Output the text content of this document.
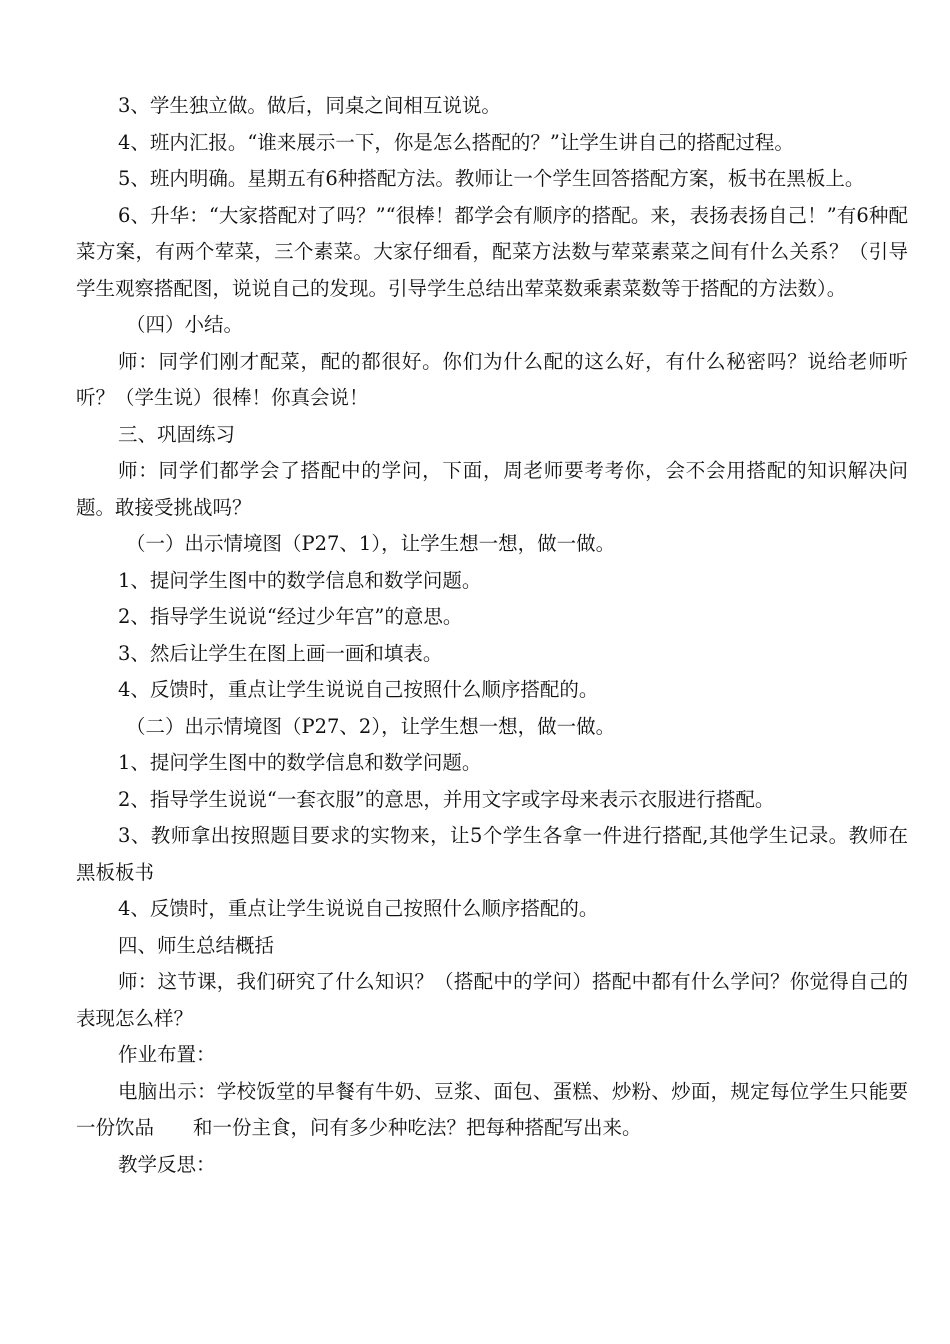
3、学生独立做。做后，同桌之间相互说说。

4、班内汇报。“谁来展示一下，你是怎么搭配的？”让学生讲自己的搭配过程。

5、班内明确。星期五有6种搭配方法。教师让一个学生回答搭配方案，板书在黑板上。

6、升华：“大家搭配对了吗？”“很棒！都学会有顺序的搭配。来，表扬表扬自己！”有6种配菜方案，有两个荤菜，三个素菜。大家仔细看，配菜方法数与荤菜素菜之间有什么关系？（引导学生观察搭配图，说说自己的发现。引导学生总结出荤菜数乘素菜数等于搭配的方法数）。

（四）小结。

师：同学们刚才配菜，配的都很好。你们为什么配的这么好，有什么秘密吗？说给老师听听？（学生说）很棒！你真会说！

三、巩固练习

师：同学们都学会了搭配中的学问，下面，周老师要考考你，会不会用搭配的知识解决问题。敢接受挑战吗？

（一）出示情境图（P27、1），让学生想一想，做一做。

1、提问学生图中的数学信息和数学问题。

2、指导学生说说“经过少年宫”的意思。

3、然后让学生在图上画一画和填表。

4、反馈时，重点让学生说说自己按照什么顺序搭配的。

（二）出示情境图（P27、2），让学生想一想，做一做。

1、提问学生图中的数学信息和数学问题。

2、指导学生说说“一套衣服”的意思，并用文字或字母来表示衣服进行搭配。

3、教师拿出按照题目要求的实物来，让5个学生各拿一件进行搭配,其他学生记录。教师在黑板板书

4、反馈时，重点让学生说说自己按照什么顺序搭配的。

四、师生总结概括

师：这节课，我们研究了什么知识？（搭配中的学问）搭配中都有什么学问？你觉得自己的表现怎么样？

作业布置：

电脑出示：学校饭堂的早餐有牛奶、豆浆、面包、蛋糕、炒粉、炒面，规定每位学生只能要一份饮品　　和一份主食，问有多少种吃法？把每种搭配写出来。

教学反思：
